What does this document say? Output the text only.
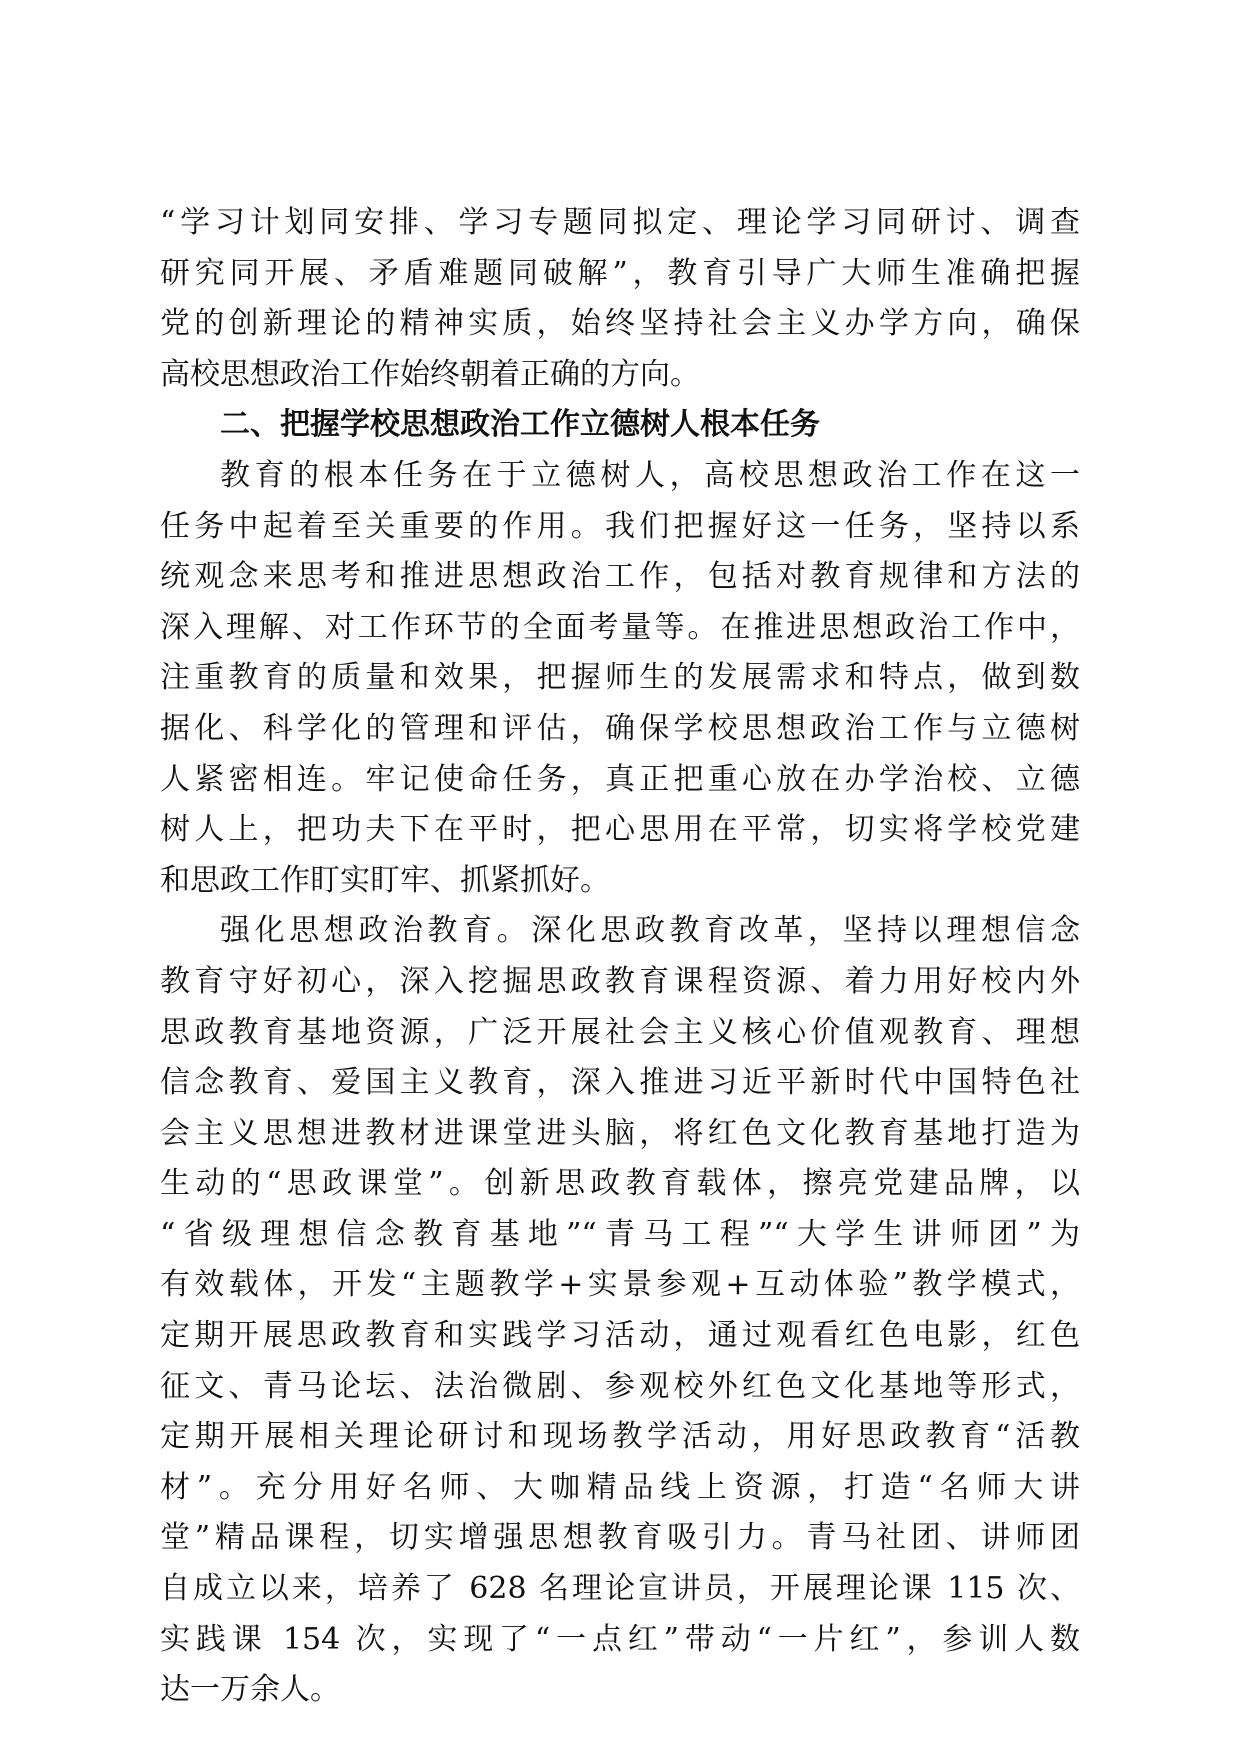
“学习计划同安排、学习专题同拟定、理论学习同研讨、调查
研究同开展、矛盾难题同破解”，教育引导广大师生准确把握
党的创新理论的精神实质，始终坚持社会主义办学方向，确保
高校思想政治工作始终朝着正确的方向。
二、把握学校思想政治工作立德树人根本任务
教育的根本任务在于立德树人，高校思想政治工作在这一
任务中起着至关重要的作用。我们把握好这一任务，坚持以系
统观念来思考和推进思想政治工作，包括对教育规律和方法的
深入理解、对工作环节的全面考量等。在推进思想政治工作中，
注重教育的质量和效果，把握师生的发展需求和特点，做到数
据化、科学化的管理和评估，确保学校思想政治工作与立德树
人紧密相连。牢记使命任务，真正把重心放在办学治校、立德
树人上，把功夫下在平时，把心思用在平常，切实将学校党建
和思政工作盯实盯牢、抓紧抓好。
强化思想政治教育。深化思政教育改革，坚持以理想信念
教育守好初心，深入挖掘思政教育课程资源、着力用好校内外
思政教育基地资源，广泛开展社会主义核心价值观教育、理想
信念教育、爱国主义教育，深入推进习近平新时代中国特色社
会主义思想进教材进课堂进头脑，将红色文化教育基地打造为
生动的“思政课堂”。创新思政教育载体，擦亮党建品牌，以
“省级理想信念教育基地”“青马工程”“大学生讲师团”为
有效载体，开发“主题教学+实景参观+互动体验”教学模式，
定期开展思政教育和实践学习活动，通过观看红色电影，红色
征文、青马论坛、法治微剧、参观校外红色文化基地等形式，
定期开展相关理论研讨和现场教学活动，用好思政教育“活教
材”。充分用好名师、大咖精品线上资源，打造“名师大讲
堂”精品课程，切实增强思想教育吸引力。青马社团、讲师团
自成立以来，培养了 628 名理论宣讲员，开展理论课 115 次、
实践课 154 次，实现了“一点红”带动“一片红”，参训人数
达一万余人。
